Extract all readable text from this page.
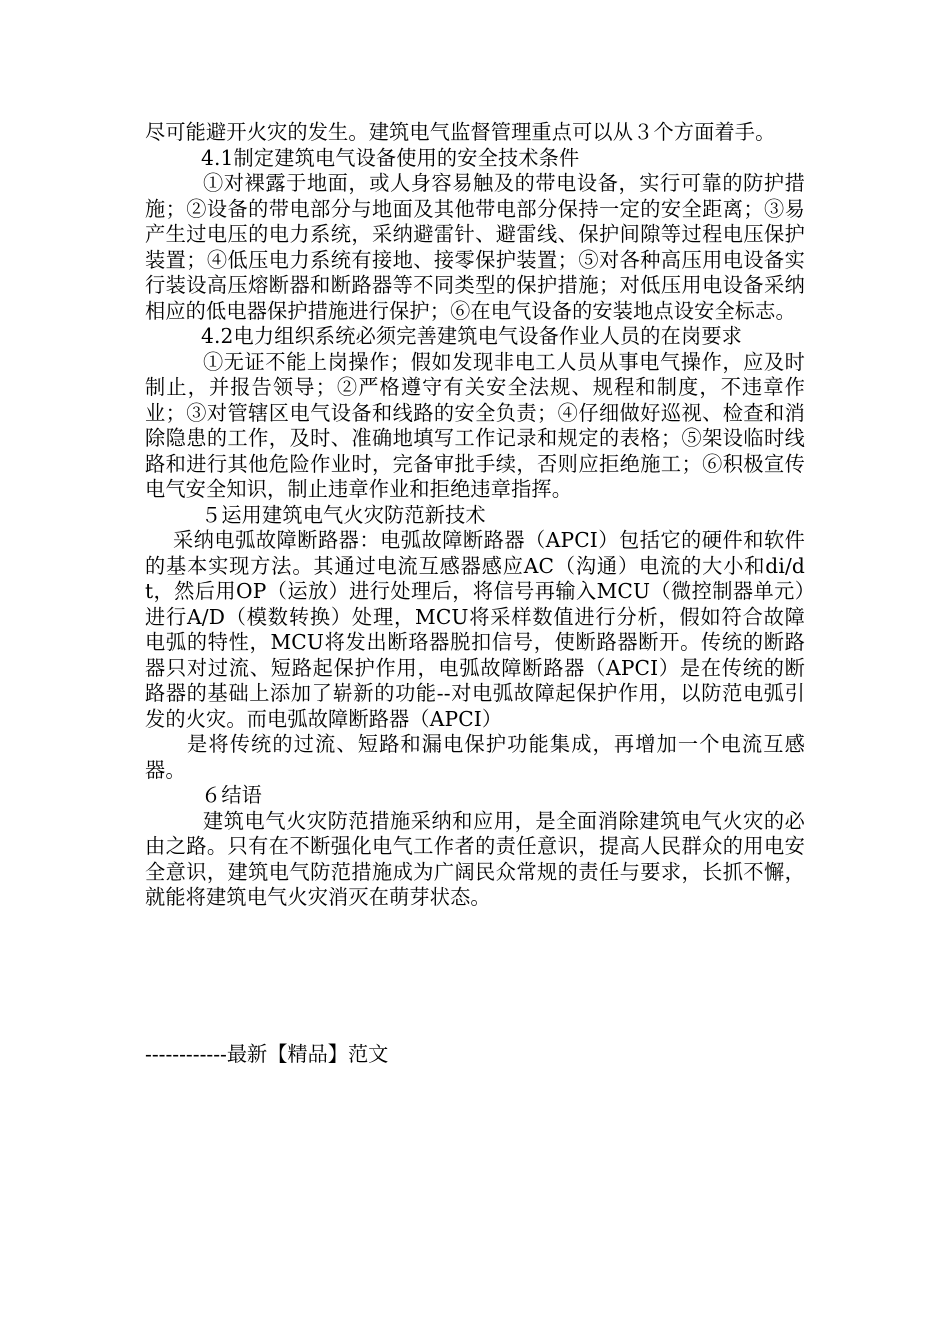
尽可能避开火灾的发生。建筑电气监督管理重点可以从３个方面着手。

4.1制定建筑电气设备使用的安全技术条件

①对裸露于地面，或人身容易触及的带电设备，实行可靠的防护措施；②设备的带电部分与地面及其他带电部分保持一定的安全距离；③易产生过电压的电力系统，采纳避雷针、避雷线、保护间隙等过程电压保护装置；④低压电力系统有接地、接零保护装置；⑤对各种高压用电设备实行装设高压熔断器和断路器等不同类型的保护措施；对低压用电设备采纳相应的低电器保护措施进行保护；⑥在电气设备的安装地点设安全标志。

4.2电力组织系统必须完善建筑电气设备作业人员的在岗要求

①无证不能上岗操作；假如发现非电工人员从事电气操作，应及时制止，并报告领导；②严格遵守有关安全法规、规程和制度，不违章作业；③对管辖区电气设备和线路的安全负责；④仔细做好巡视、检查和消除隐患的工作，及时、准确地填写工作记录和规定的表格；⑤架设临时线路和进行其他危险作业时，完备审批手续，否则应拒绝施工；⑥积极宣传电气安全知识，制止违章作业和拒绝违章指挥。

５运用建筑电气火灾防范新技术

采纳电弧故障断路器：电弧故障断路器（APCI）包括它的硬件和软件的基本实现方法。其通过电流互感器感应AC（沟通）电流的大小和di/dt，然后用OP（运放）进行处理后，将信号再输入MCU（微控制器单元）进行A/D（模数转换）处理，MCU将采样数值进行分析，假如符合故障电弧的特性，MCU将发出断珞器脱扣信号，使断路器断开。传统的断路器只对过流、短路起保护作用，电弧故障断路器（APCI）是在传统的断路器的基础上添加了崭新的功能--对电弧故障起保护作用，以防范电弧引发的火灾。而电弧故障断路器（APCI）

是将传统的过流、短路和漏电保护功能集成，再增加一个电流互感器。

６结语

建筑电气火灾防范措施采纳和应用，是全面消除建筑电气火灾的必由之路。只有在不断强化电气工作者的责任意识，提高人民群众的用电安全意识，建筑电气防范措施成为广阔民众常规的责任与要求，长抓不懈，就能将建筑电气火灾消灭在萌芽状态。

------------最新【精品】范文
